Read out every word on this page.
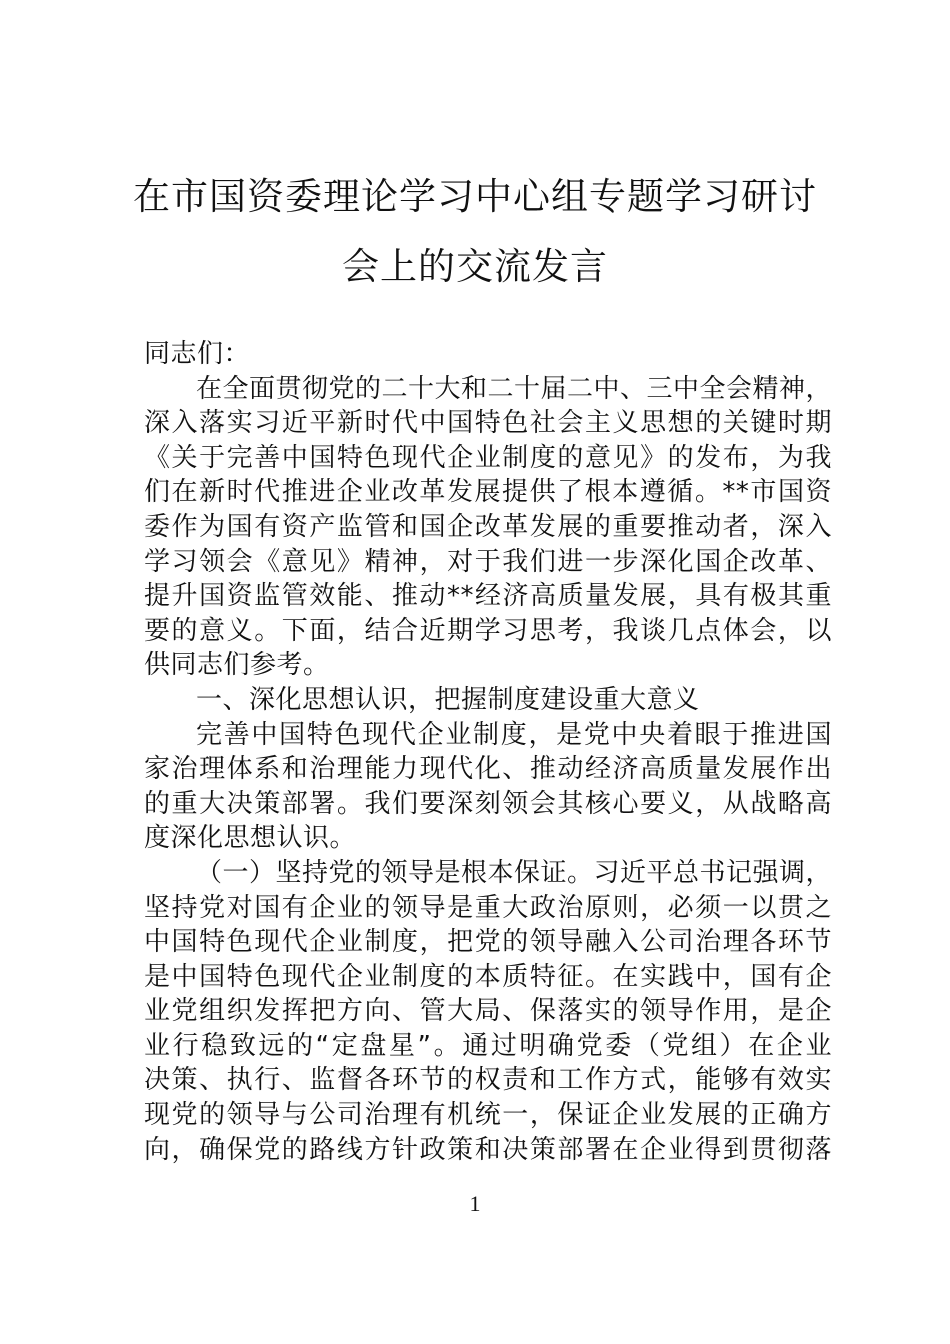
在市国资委理论学习中心组专题学习研讨
会上的交流发言
同志们：
在全面贯彻党的二十大和二十届二中、三中全会精神，
深入落实习近平新时代中国特色社会主义思想的关键时期
《关于完善中国特色现代企业制度的意见》的发布，为我
们在新时代推进企业改革发展提供了根本遵循。**市国资
委作为国有资产监管和国企改革发展的重要推动者，深入
学习领会《意见》精神，对于我们进一步深化国企改革、
提升国资监管效能、推动**经济高质量发展，具有极其重
要的意义。下面，结合近期学习思考，我谈几点体会，以
供同志们参考。
一、深化思想认识，把握制度建设重大意义
完善中国特色现代企业制度，是党中央着眼于推进国
家治理体系和治理能力现代化、推动经济高质量发展作出
的重大决策部署。我们要深刻领会其核心要义，从战略高
度深化思想认识。
（一）坚持党的领导是根本保证。习近平总书记强调，
坚持党对国有企业的领导是重大政治原则，必须一以贯之
中国特色现代企业制度，把党的领导融入公司治理各环节
是中国特色现代企业制度的本质特征。在实践中，国有企
业党组织发挥把方向、管大局、保落实的领导作用，是企
业行稳致远的“定盘星”。通过明确党委（党组）在企业
决策、执行、监督各环节的权责和工作方式，能够有效实
现党的领导与公司治理有机统一，保证企业发展的正确方
向，确保党的路线方针政策和决策部署在企业得到贯彻落
1
